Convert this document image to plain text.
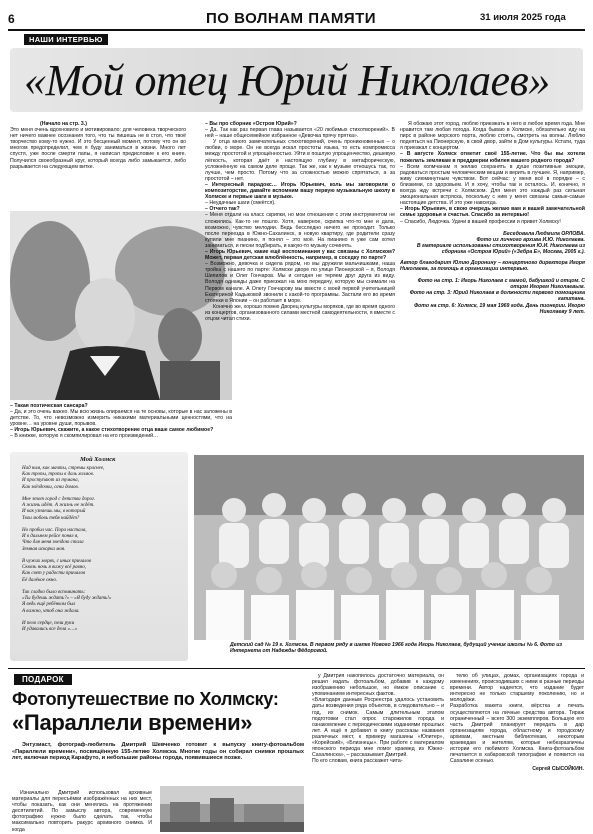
6	ПО ВОЛНАМ ПАМЯТИ	31 июля 2025 года
НАШИ ИНТЕРВЬЮ
«Мой отец Юрий Николаев»

(Начало на стр. 3.)

Это меня очень вдохновило и мотивировало: для человека творческого нет ничего важнее осознания того, что ты пишешь не в стол, что твоё творчество кому-то нужно. И это бесценный момент, потому что он во многом предопределил, чем я буду заниматься в жизни. Много лет спустя, уже после смерти папы, я написал предисловие к его книге. Получился своеобразный круг, который всегда либо замыкается, либо разрывается на следующем витке.

– Такая поэтическая сансара?

– Да, и это очень важно. Мы всю жизнь опираемся на те основы, которые в нас заложены в детстве. То, что невозможно измерить никакими материальными ценностями, что на уровне… на уровне души, порывов.

– Игорь Юрьевич, скажите, а какое стихотворение отца ваше самое любимое?

– В книжке, которую я скомпилировал на его произведений…

Мой Холмск
Над ним, как мачты, стремы краснее,
Как тропы, тропы в даль холмов.
И проступают из тумана,
Как звёздочки, огни домов.

Мне этот город с детства дорог.
А жизнь идёт. А жизнь не ждёт.
И как узнаешь мы, в который
Твои любовь тебя найдёт?

Но пробил час. Пора настала,
И в дальнем рейсе понял я,
Что для меня звездою стала
Земная искорка моя.

В чужих морях, с иных причалов
Сквозь ночь я вижу всё равно,
Как свет у радости причалов
Её далёкое окно.

Так сладко было вспоминать:
«Ты будешь ждать?» – «Я буду ждать!»
Я ведь ещё ребёнком был
А важно, чтоб она ждала.

И пело сердце, пели руки
И удавались все дела «…»

– Вы про сборник «Остров Юрий»?

– Да. Так как раз первая глава называется «20 любимых стихотворений». В ней – наше общесемейное избранное «Девочка прячу прятка».

У отца много замечательных стихотворений, очень проникновенных – о любви, о море. Он не всегда искал простоты языка, то есть компромисса между простотой и упрощённостью. Уйти в пошлую упрощенчество, дешевую лёгкость, которая даёт и настоящую глубину в метафорическую, усложнённую на самом деле проще. Так же, как к музыке отношусь так, то лучше, чем просто. Потому что за сложностью можно спрятаться, а за простотой – нет.

– Интересный парадокс… Игорь Юрьевич, коль мы заговорили о композиторстве, давайте вспомним вашу первую музыкальную школу в Холмске и первые шаги в музыке.

– Неудачные шаги (смеётся).

– Отчего так?

– Меня отдали на класс скрипки, но мои отношения с этим инструментом не сложились. Как-то не пошло. Хотя, наверное, скрипка что-то мне и дала, возможно, чувство мелодии. Ведь бесследно ничего не проходит. Только после переезда в Южно-Сахалинск, в новую квартиру, где родители сразу купили мне пианино, я понял – это моё. На пианино я уже сам хотел заниматься, и песни подбирать, и какую-то музыку сочинять.

– Игорь Юрьевич, какие ещё воспоминания у вас связаны с Холмском? Может, первая детская влюблённость, например, в соседку по парте?

– Возможно, девочка и сидела рядом, но мы дружили мальчишками, наша тройка с нашего по парте: Холмске дворе по улице Пионерской – я, Володя Шипилов и Олег Гончаров. Мы и сегодня не теряем друг друга из виду. Володя однажды даже приезжал на мою передачу, которую мы снимали на Первом канале. А Олегу Гончарову мы вместе с моей первой учительницей Екатериной Кадыковой звонили с какой-то программы. Застали его во время стоянки в Японии – он работает в море.

Конечно же, хорошо помню Дворец культуры моряков, где во время одного из концертов, организованного силами местной самодеятельности, я вместе с отцом читал стихи.

Я обожаю этот город, люблю приезжать в него в любое время года. Мне нравится там любая погода. Когда бываю в Холмске, обязательно иду на пирс в районе морского порта, люблю стоять, смотреть на волны. Люблю подняться на Пионерскую, в свой двор, зайти в Дом культуры. Кстати, туда я приезжал с концертом.

– В августе Холмск отметит своё 155-летие. Что бы вы хотели пожелать землякам в преддверии юбилея вашего родного города?

– Всем холмчанам я желаю сохранять в душе позитивные эмоции, радоваться простым человеческим вещам и верить в лучшее. Я, например, живу сиюминутным чувством. Вот сейчас: у меня всё в порядке – с близкими, со здоровьем. И я хочу, чтобы так и осталось. И, конечно, я всегда жду встречи с Холмском. Для меня это каждый раз сильная эмоциональная встряска, поскольку с ним у меня связаны самые-самые настоящие детства. И это уже навсегда.

– Игорь Юрьевич, в свою очередь желаю вам и вашей замечательной семье здоровья и счастья. Спасибо за интервью!

– Спасибо, Людочка. Удачи в вашей профессии и привет Холмску!

Беседовала Людмила ОРЛОВА.

Фото из личного архива И.Ю. Николаева.

В материале использованы стихотворения Ю.И. Николаева из сборника «Остров Юрий» («Зебра Е», Москва, 2005 г.).

Автор благодарит Юлию Доронину – концертного директора Игоря Николаева, за помощь в организации интервью.

Фото на стр. 1: Игорь Николаев с мамой, бабушкой и отцом. С отцом Игорем Николаевым.

Фото на стр. 3: Юрий Николаев в должности первого помощника капитана.

Фото на стр. 6: Холмск, 19 мая 1969 года. День пионерии. Игорю Николаеву 9 лет.

Детский сад № 19 г. Холмска. В первом ряду в шапке Нового 1966 года Игорь Николаев, будущий ученик школы № 6. Фото из Интернета от Надежды Фёдоровой.
ПОДАРОК
Фотопутешествие по Холмску:
«Параллели времени»
Энтузиаст, фотограф-любитель Дмитрий Шевченко готовит к выпуску книгу-фотоальбом «Параллели времени», посвящённую 155-летию Холмска. Многие годы он собирал снимки прошлых лет, включая период Карафуто, и небольшие районы города, появившиеся позже.
Изначально Дмитрий использовал архивные материалы для пересъёмки изображённых на них мест, чтобы показать, как они менялись на протяжении десятилетий. По замыслу автора, современную фотографию нужно было сделать так, чтобы максимально повторить ракурс архивного снимка. И когда
у Дмитрия накопилось достаточно материала, он решил издать фотоальбом, добавив к каждому изображению небольшое, но ёмкое описание с упоминанием интересных фактов.
«Благодаря данным Росреестра удалось установить даты возведения ряда объектов, в следовательно – и год, их снимок. Самым длительным этапом подготовки стал опрос старожилов города и ознакомление с периодическими изданиями прошлых лет. А ещё я добавил в книгу рассказы названия различных мест, к примеру магазины «Юпитер», «Корейский», «Близнецы». При работе с материалом японского периода мне помог краевед из Южно-Сахалинска», – рассказывает Дмитрий.
По его словам, книга расскажет чита-

телю об улицах, домах, организациях города и изменениях, происходивших с ними в разные периоды времени. Автор надеется, что издание будет интересно не только старшему поколению, но и молодёжи.
Разработка макета книги, вёрстка и печать осуществляются на личные средства автора. Тираж ограниченный – всего 300 экземпляров. Большую его часть Дмитрий планирует передать в дар организациям города, областному и городскому архивам, местным библиотекам, некоторым краеведам и жителям, которые небезразличны истории его любимого Холмска. Книга-фотоальбом печатается в хабаровской типографии и появится на Сахалине осенью.

Сергей СЫСОЙКИН.
